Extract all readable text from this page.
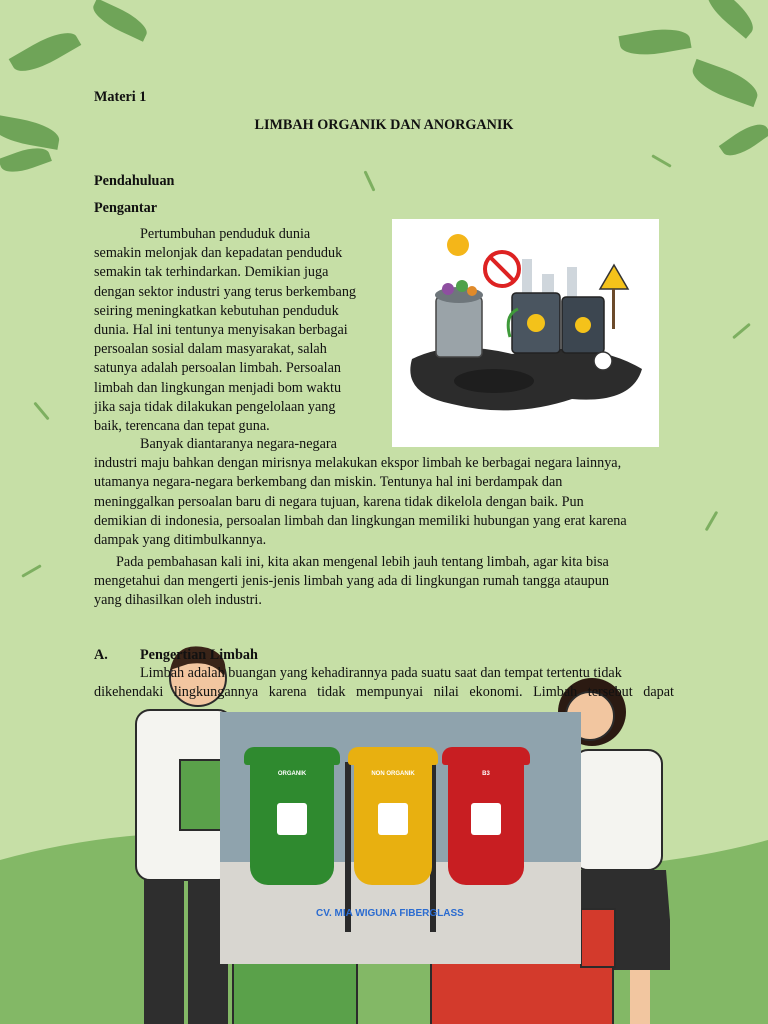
Materi 1
LIMBAH ORGANIK DAN ANORGANIK
Pendahuluan
Pengantar
Pertumbuhan penduduk dunia
semakin melonjak dan kepadatan penduduk
semakin tak terhindarkan. Demikian juga
dengan sektor industri yang terus berkembang
seiring meningkatkan kebutuhan penduduk
dunia. Hal ini tentunya menyisakan berbagai
persoalan sosial dalam masyarakat, salah
satunya adalah persoalan limbah. Persoalan
limbah dan lingkungan menjadi bom waktu
jika saja tidak dilakukan pengelolaan yang
baik, terencana dan tepat guna.
Banyak diantaranya negara-negara
industri maju bahkan dengan mirisnya melakukan ekspor limbah ke berbagai negara lainnya,
utamanya negara-negara berkembang dan miskin. Tentunya hal ini berdampak dan
meninggalkan persoalan baru di negara tujuan, karena tidak dikelola dengan baik. Pun
demikian di indonesia, persoalan limbah dan lingkungan memiliki hubungan yang erat karena
dampak yang ditimbulkannya.
Pada pembahasan kali ini, kita akan mengenal lebih jauh tentang limbah, agar kita bisa
mengetahui dan mengerti jenis-jenis limbah yang ada di lingkungan rumah tangga ataupun
yang dihasilkan oleh industri.
A. Pengertian Limbah
Limbah adalah buangan yang kehadirannya pada suatu saat dan tempat tertentu tidak
dikehendaki lingkungannya karena tidak mempunyai nilai ekonomi. Limbah tersebut dapat
ORGANIK	NON ORGANIK	B3
CV. MIA WIGUNA FIBERGLASS
